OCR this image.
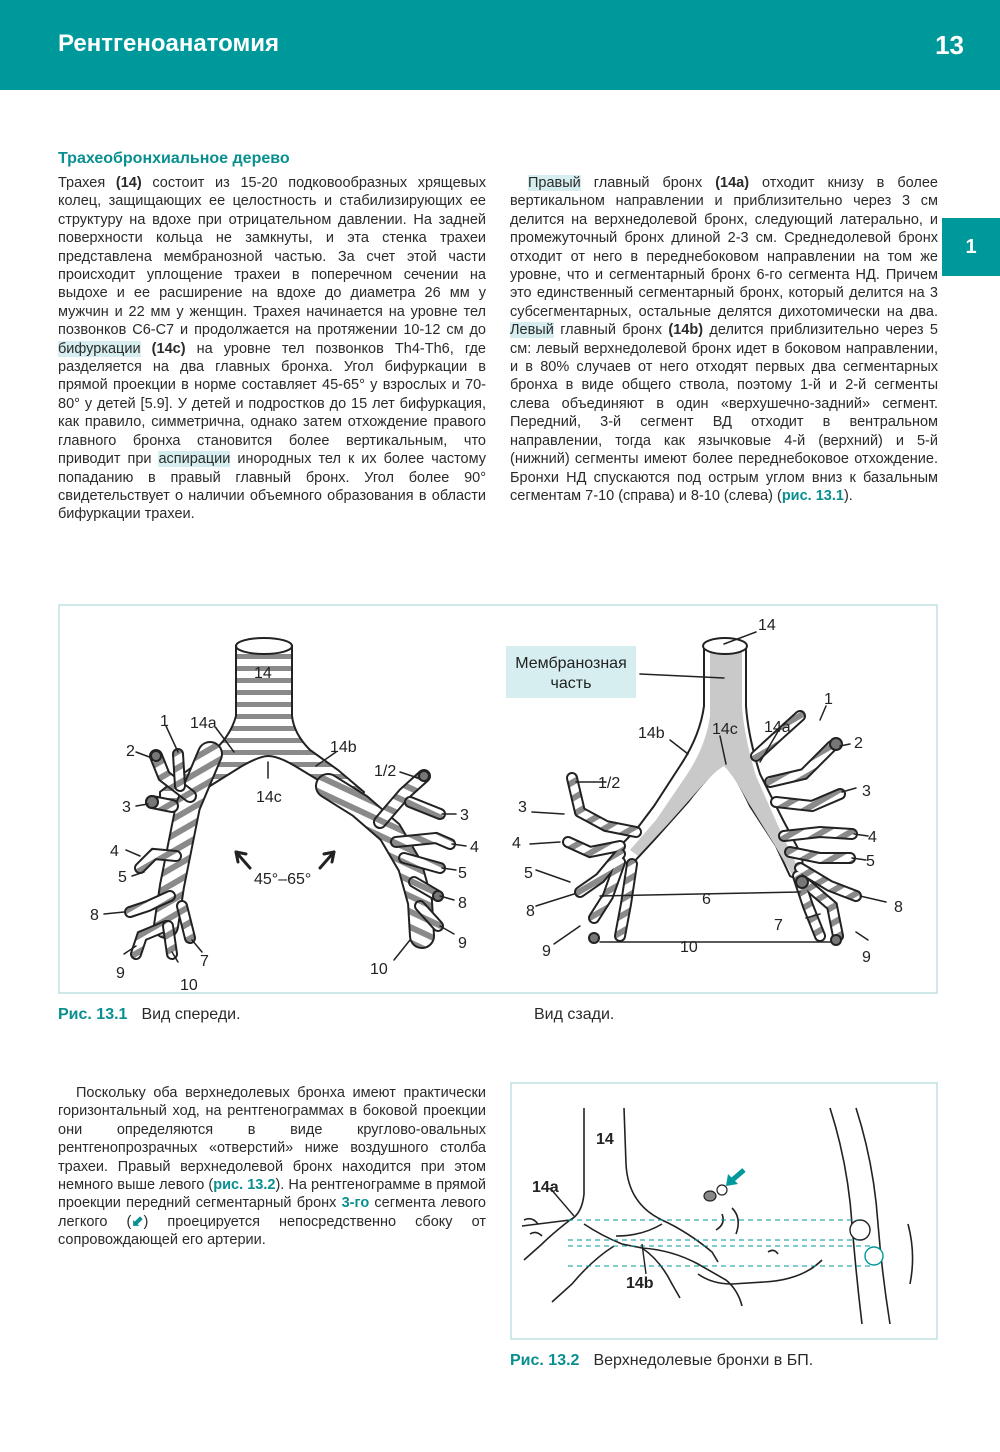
Рентгеноанатомия	13
1
Трахеобронхиальное дерево

Трахея (14) состоит из 15-20 подковообразных хрящевых колец, защищающих ее целостность и стабилизирующих ее структуру на вдохе при отрицательном давлении. На задней поверхности кольца не замкнуты, и эта стенка трахеи представлена мембранозной частью. За счет этой части происходит уплощение трахеи в поперечном сечении на выдохе и ее расширение на вдохе до диаметра 26 мм у мужчин и 22 мм у женщин. Трахея начинается на уровне тел позвонков С6-С7 и продолжается на протяжении 10-12 см до бифуркации (14c) на уровне тел позвонков Th4-Th6, где разделяется на два главных бронха. Угол бифуркации в прямой проекции в норме составляет 45-65° у взрослых и 70-80° у детей [5.9]. У детей и подростков до 15 лет бифуркация, как правило, симметрична, однако затем отхождение правого главного бронха становится более вертикальным, что приводит при аспирации инородных тел к их более частому попаданию в правый главный бронх. Угол более 90° свидетельствует о наличии объемного образования в области бифуркации трахеи.

Правый главный бронх (14a) отходит книзу в более вертикальном направлении и приблизительно через 3 см делится на верхнедолевой бронх, следующий латерально, и промежуточный бронх длиной 2-3 см. Среднедолевой бронх отходит от него в переднебоковом направлении на том же уровне, что и сегментарный бронх 6-го сегмента НД. Причем это единственный сегментарный бронх, который делится на 3 субсегментарных, остальные делятся дихотомически на два. Левый главный бронх (14b) делится приблизительно через 5 см: левый верхнедолевой бронх идет в боковом направлении, и в 80% случаев от него отходят первых два сегментарных бронха в виде общего ствола, поэтому 1-й и 2-й сегменты слева объединяют в один «верхушечно-задний» сегмент. Передний, 3-й сегмент ВД отходит в вентральном направлении, тогда как язычковые 4-й (верхний) и 5-й (нижний) сегменты имеют более переднебоковое отхождение. Бронхи НД спускаются под острым углом вниз к базальным сегментам 7-10 (справа) и 8-10 (слева) (рис. 13.1).

14
14a
14b
14c
1
2
3
4
5
8
9
10
7
1/2
3
4
5
8
9
10
45°–65°
Мембранозная
часть
14
14b	14c 14a
1
2
3
4
5
8
9
7
6
10
1/2
3
4
5
8
9
Рис. 13.1 Вид спереди.	Вид сзади.

Поскольку оба верхнедолевых бронха имеют практически горизонтальный ход, на рентгенограммах в боковой проекции они определяются в виде круглово-овальных рентгенопрозрачных «отверстий» ниже воздушного столба трахеи. Правый верхнедолевой бронх находится при этом немного выше левого (рис. 13.2). На рентгенограмме в прямой проекции передний сегментарный бронх 3-го сегмента левого легкого (⬋) проецируется непосредственно сбоку от сопровождающей его артерии.

14
14a
14b
Рис. 13.2 Верхнедолевые бронхи в БП.
